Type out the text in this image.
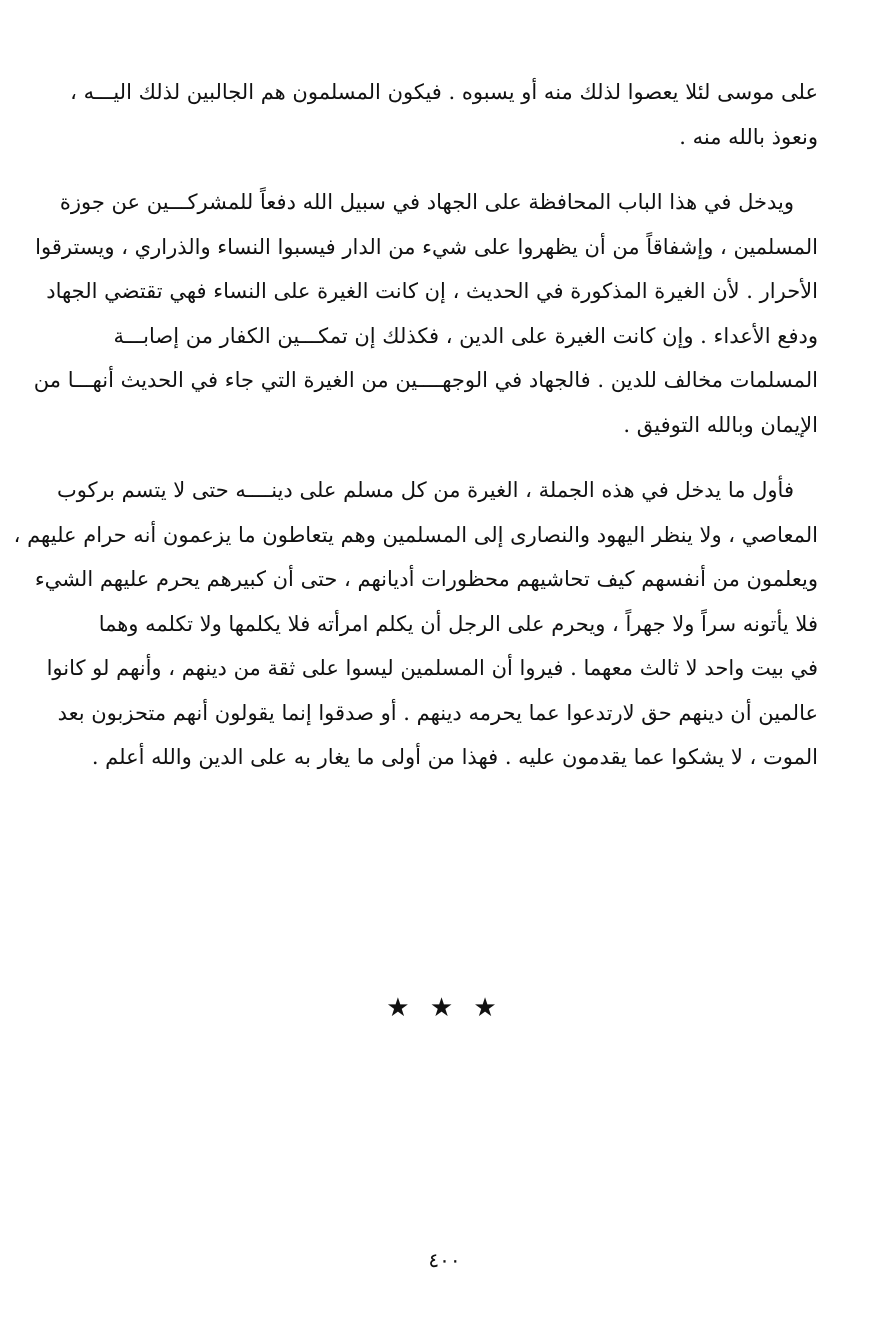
على موسى لئلا يعصوا لذلك منه أو يسبوه . فيكون المسلمون هم الجالبين لذلك اليـــه ،
ونعوذ بالله منه .
ويدخل في هذا الباب المحافظة على الجهاد في سبيل الله دفعاً للمشركـــين عن جوزة
المسلمين ، وإشفاقاً من أن يظهروا على شيء من الدار فيسبوا النساء والذراري ، ويسترقوا
الأحرار . لأن الغيرة المذكورة في الحديث ، إن كانت الغيرة على النساء فهي تقتضي الجهاد
ودفع الأعداء . وإن كانت الغيرة على الدين ، فكذلك إن تمكـــين الكفار من إصابـــة
المسلمات مخالف للدين . فالجهاد في الوجهــــين من الغيرة التي جاء في الحديث أنهـــا من
الإيمان وبالله التوفيق .
فأول ما يدخل في هذه الجملة ، الغيرة من كل مسلم على دينــــه حتى لا يتسم بركوب
المعاصي ، ولا ينظر اليهود والنصارى إلى المسلمين وهم يتعاطون ما يزعمون أنه حرام عليهم ،
ويعلمون من أنفسهم كيف تحاشيهم محظورات أديانهم ، حتى أن كبيرهم يحرم عليهم الشيء
فلا يأتونه سراً ولا جهراً ، ويحرم على الرجل أن يكلم امرأته فلا يكلمها ولا تكلمه وهما
في بيت واحد لا ثالث معهما . فيروا أن المسلمين ليسوا على ثقة من دينهم ، وأنهم لو كانوا
عالمين أن دينهم حق لارتدعوا عما يحرمه دينهم . أو صدقوا إنما يقولون أنهم متحزبون بعد
الموت ، لا يشكوا عما يقدمون عليه . فهذا من أولى ما يغار به على الدين والله أعلم .
★ ★ ★
٤٠٠
